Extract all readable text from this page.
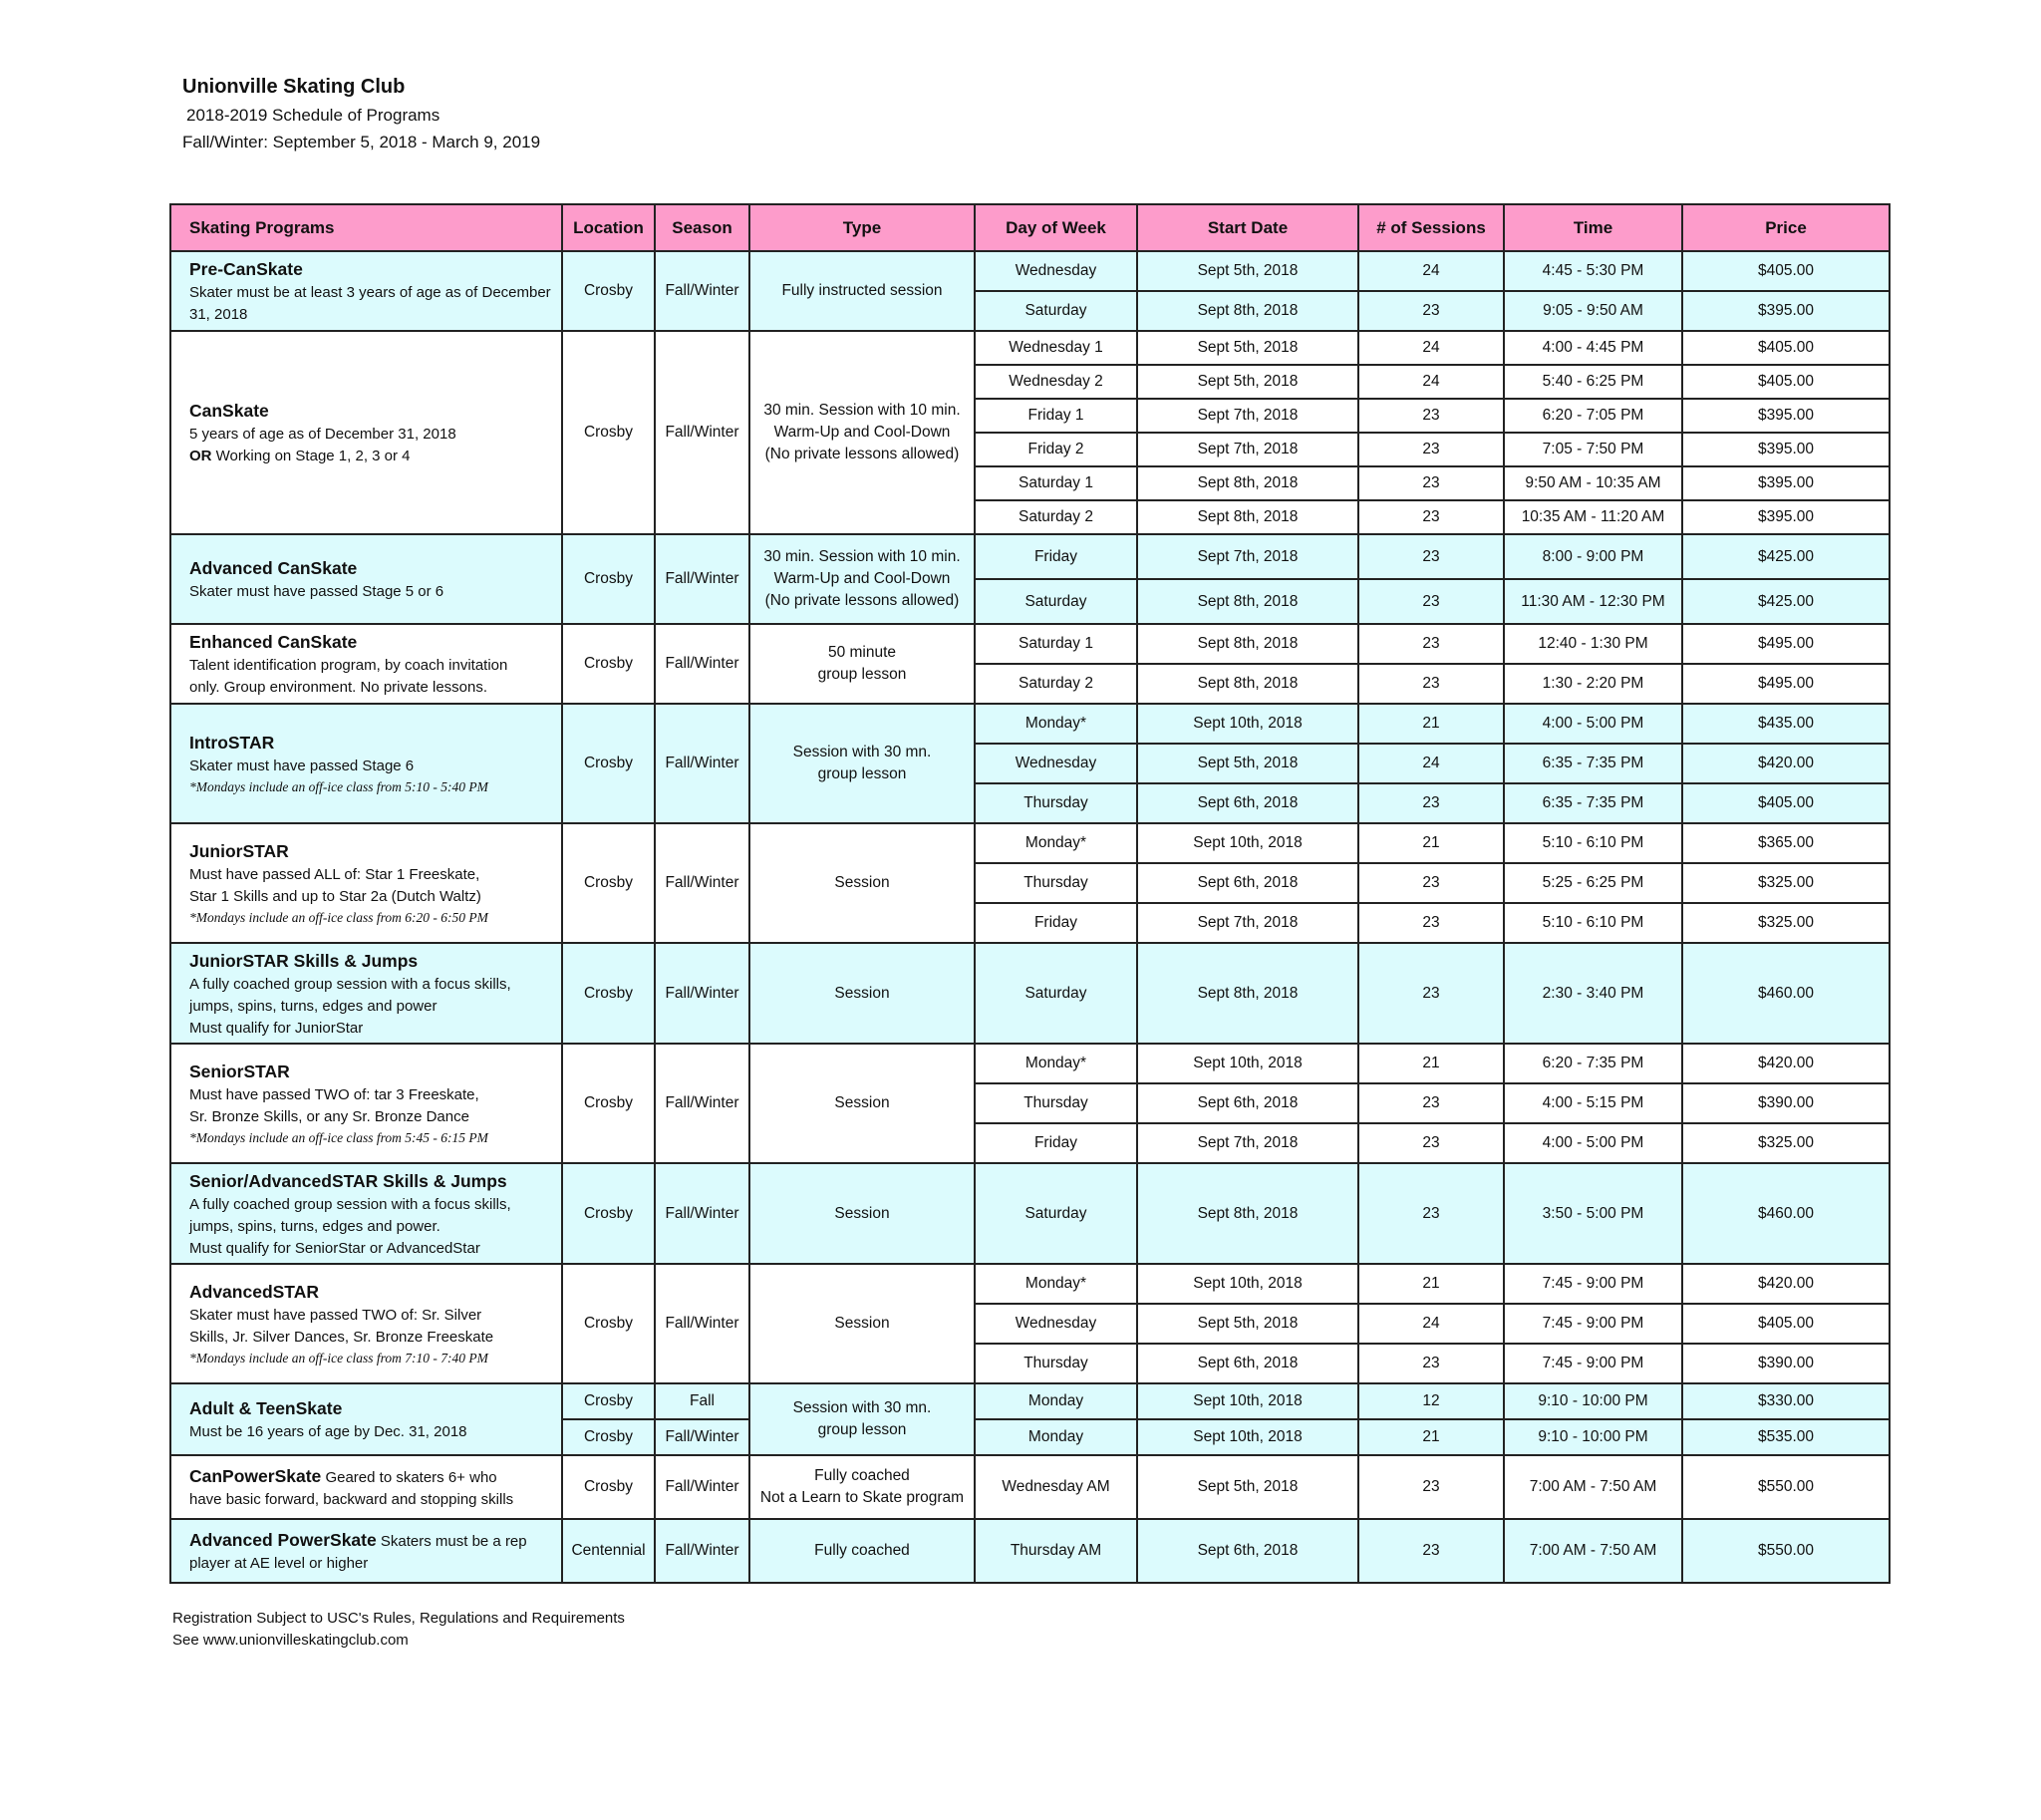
Unionville Skating Club
2018-2019 Schedule of Programs
Fall/Winter: September 5, 2018 - March 9, 2019
Skating Programs	Location	Season	Type	Day of Week	Start Date	# of Sessions	Time	Price

Pre-CanSkate
Skater must be at least 3 years of age as of December 31, 2018	Crosby	Fall/Winter	Fully instructed session	Wednesday	Sept 5th, 2018	24	4:45 - 5:30 PM	$405.00
				Saturday	Sept 8th, 2018	23	9:05 - 9:50 AM	$395.00

CanSkate
5 years of age as of December 31, 2018
OR Working on Stage 1, 2, 3 or 4	Crosby	Fall/Winter	30 min. Session with 10 min.
Warm-Up and Cool-Down
(No private lessons allowed)	Wednesday 1	Sept 5th, 2018	24	4:00 - 4:45 PM	$405.00
				Wednesday 2	Sept 5th, 2018	24	5:40 - 6:25 PM	$405.00
				Friday 1	Sept 7th, 2018	23	6:20 - 7:05 PM	$395.00
				Friday 2	Sept 7th, 2018	23	7:05 - 7:50 PM	$395.00
				Saturday 1	Sept 8th, 2018	23	9:50 AM - 10:35 AM	$395.00
				Saturday 2	Sept 8th, 2018	23	10:35 AM - 11:20 AM	$395.00

Advanced CanSkate
Skater must have passed Stage 5 or 6	Crosby	Fall/Winter	30 min. Session with 10 min.
Warm-Up and Cool-Down
(No private lessons allowed)	Friday	Sept 7th, 2018	23	8:00 - 9:00 PM	$425.00
				Saturday	Sept 8th, 2018	23	11:30 AM - 12:30 PM	$425.00

Enhanced CanSkate
Talent identification program, by coach invitation
only. Group environment. No private lessons.	Crosby	Fall/Winter	50 minute
group lesson	Saturday 1	Sept 8th, 2018	23	12:40 - 1:30 PM	$495.00
				Saturday 2	Sept 8th, 2018	23	1:30 - 2:20 PM	$495.00

IntroSTAR
Skater must have passed Stage 6
*Mondays include an off-ice class from 5:10 - 5:40 PM	Crosby	Fall/Winter	Session with 30 mn.
group lesson	Monday*	Sept 10th, 2018	21	4:00 - 5:00 PM	$435.00
				Wednesday	Sept 5th, 2018	24	6:35 - 7:35 PM	$420.00
				Thursday	Sept 6th, 2018	23	6:35 - 7:35 PM	$405.00

JuniorSTAR
Must have passed ALL of: Star 1 Freeskate,
Star 1 Skills and up to Star 2a (Dutch Waltz)
*Mondays include an off-ice class from 6:20 - 6:50 PM	Crosby	Fall/Winter	Session	Monday*	Sept 10th, 2018	21	5:10 - 6:10 PM	$365.00
				Thursday	Sept 6th, 2018	23	5:25 - 6:25 PM	$325.00
				Friday	Sept 7th, 2018	23	5:10 - 6:10 PM	$325.00

JuniorSTAR Skills & Jumps
A fully coached group session with a focus skills,
jumps, spins, turns, edges and power
Must qualify for JuniorStar	Crosby	Fall/Winter	Session	Saturday	Sept 8th, 2018	23	2:30 - 3:40 PM	$460.00

SeniorSTAR
Must have passed TWO of: tar 3 Freeskate,
Sr. Bronze Skills, or any Sr. Bronze Dance
*Mondays include an off-ice class from 5:45 - 6:15 PM	Crosby	Fall/Winter	Session	Monday*	Sept 10th, 2018	21	6:20 - 7:35 PM	$420.00
				Thursday	Sept 6th, 2018	23	4:00 - 5:15 PM	$390.00
				Friday	Sept 7th, 2018	23	4:00 - 5:00 PM	$325.00

Senior/AdvancedSTAR Skills & Jumps
A fully coached group session with a focus skills,
jumps, spins, turns, edges and power.
Must qualify for SeniorStar or AdvancedStar	Crosby	Fall/Winter	Session	Saturday	Sept 8th, 2018	23	3:50 - 5:00 PM	$460.00

AdvancedSTAR
Skater must have passed TWO of: Sr. Silver
Skills, Jr. Silver Dances, Sr. Bronze Freeskate
*Mondays include an off-ice class from 7:10 - 7:40 PM	Crosby	Fall/Winter	Session	Monday*	Sept 10th, 2018	21	7:45 - 9:00 PM	$420.00
				Wednesday	Sept 5th, 2018	24	7:45 - 9:00 PM	$405.00
				Thursday	Sept 6th, 2018	23	7:45 - 9:00 PM	$390.00

Adult & TeenSkate
Must be 16 years of age by Dec. 31, 2018	Crosby	Fall	Session with 30 mn.
group lesson	Monday	Sept 10th, 2018	12	9:10 - 10:00 PM	$330.00
	Crosby	Fall/Winter		Monday	Sept 10th, 2018	21	9:10 - 10:00 PM	$535.00

CanPowerSkate Geared to skaters 6+ who
have basic forward, backward and stopping skills	Crosby	Fall/Winter	Fully coached
Not a Learn to Skate program	Wednesday AM	Sept 5th, 2018	23	7:00 AM - 7:50 AM	$550.00

Advanced PowerSkate Skaters must be a rep
player at AE level or higher	Centennial	Fall/Winter	Fully coached	Thursday AM	Sept 6th, 2018	23	7:00 AM - 7:50 AM	$550.00
Registration Subject to USC's Rules, Regulations and Requirements
See www.unionvilleskatingclub.com
